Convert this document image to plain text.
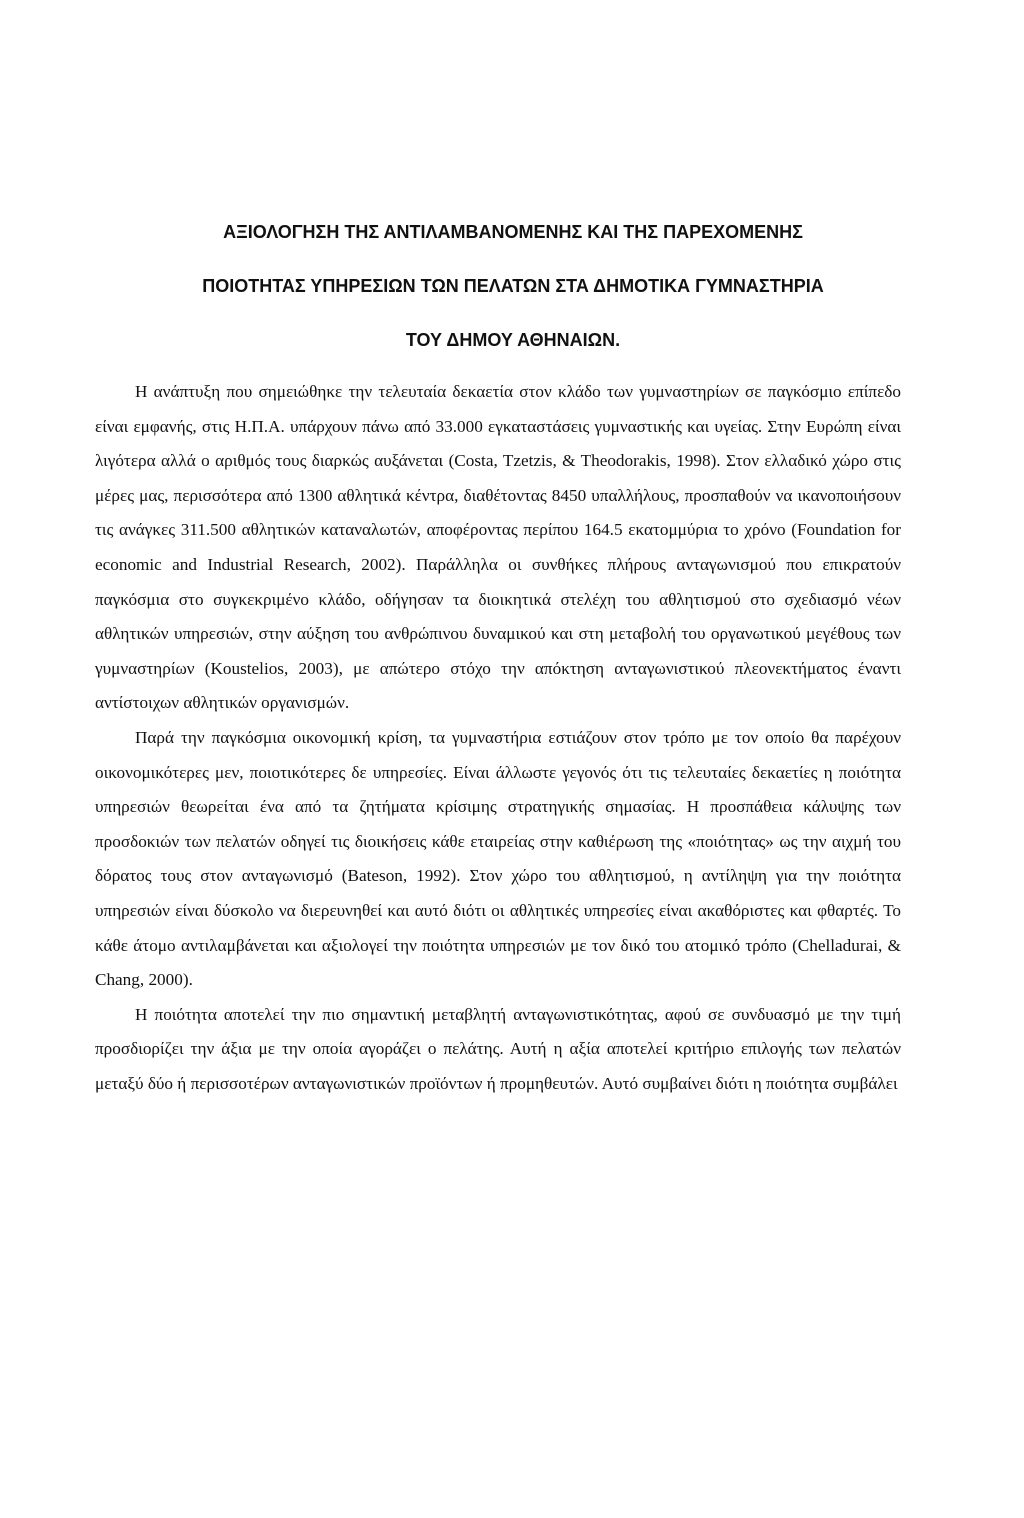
ΑΞΙΟΛΟΓΗΣΗ ΤΗΣ ΑΝΤΙΛΑΜΒΑΝΟΜΕΝΗΣ ΚΑΙ ΤΗΣ ΠΑΡΕΧΟΜΕΝΗΣ
ΠΟΙΟΤΗΤΑΣ ΥΠΗΡΕΣΙΩΝ ΤΩΝ ΠΕΛΑΤΩΝ ΣΤΑ ΔΗΜΟΤΙΚΑ ΓΥΜΝΑΣΤΗΡΙΑ
ΤΟΥ ΔΗΜΟΥ ΑΘΗΝΑΙΩΝ.

Η ανάπτυξη που σημειώθηκε την τελευταία δεκαετία στον κλάδο των γυμναστηρίων σε παγκόσμιο επίπεδο είναι εμφανής, στις Η.Π.Α. υπάρχουν πάνω από 33.000 εγκαταστάσεις γυμναστικής και υγείας. Στην Ευρώπη είναι λιγότερα αλλά ο αριθμός τους διαρκώς αυξάνεται (Costa, Tzetzis, & Theodorakis, 1998). Στον ελλαδικό χώρο στις μέρες μας, περισσότερα από 1300 αθλητικά κέντρα, διαθέτοντας 8450 υπαλλήλους, προσπαθούν να ικανοποιήσουν τις ανάγκες 311.500 αθλητικών καταναλωτών, αποφέροντας περίπου 164.5 εκατομμύρια το χρόνο (Foundation for economic and Industrial Research, 2002). Παράλληλα οι συνθήκες πλήρους ανταγωνισμού που επικρατούν παγκόσμια στο συγκεκριμένο κλάδο, οδήγησαν τα διοικητικά στελέχη του αθλητισμού στο σχεδιασμό νέων αθλητικών υπηρεσιών, στην αύξηση του ανθρώπινου δυναμικού και στη μεταβολή του οργανωτικού μεγέθους των γυμναστηρίων (Koustelios, 2003), με απώτερο στόχο την απόκτηση ανταγωνιστικού πλεονεκτήματος έναντι αντίστοιχων αθλητικών οργανισμών.

Παρά την παγκόσμια οικονομική κρίση, τα γυμναστήρια εστιάζουν στον τρόπο με τον οποίο θα παρέχουν οικονομικότερες μεν, ποιοτικότερες δε υπηρεσίες. Είναι άλλωστε γεγονός ότι τις τελευταίες δεκαετίες η ποιότητα υπηρεσιών θεωρείται ένα από τα ζητήματα κρίσιμης στρατηγικής σημασίας. Η προσπάθεια κάλυψης των προσδοκιών των πελατών οδηγεί τις διοικήσεις κάθε εταιρείας στην καθιέρωση της «ποιότητας» ως την αιχμή του δόρατος τους στον ανταγωνισμό (Bateson, 1992). Στον χώρο του αθλητισμού, η αντίληψη για την ποιότητα υπηρεσιών είναι δύσκολο να διερευνηθεί και αυτό διότι οι αθλητικές υπηρεσίες είναι ακαθόριστες και φθαρτές. Το κάθε άτομο αντιλαμβάνεται και αξιολογεί την ποιότητα υπηρεσιών με τον δικό του ατομικό τρόπο (Chelladurai, & Chang, 2000).

Η ποιότητα αποτελεί την πιο σημαντική μεταβλητή ανταγωνιστικότητας, αφού σε συνδυασμό με την τιμή προσδιορίζει την άξια με την οποία αγοράζει ο πελάτης. Αυτή η αξία αποτελεί κριτήριο επιλογής των πελατών μεταξύ δύο ή περισσοτέρων ανταγωνιστικών προϊόντων ή προμηθευτών. Αυτό συμβαίνει διότι η ποιότητα συμβάλει
